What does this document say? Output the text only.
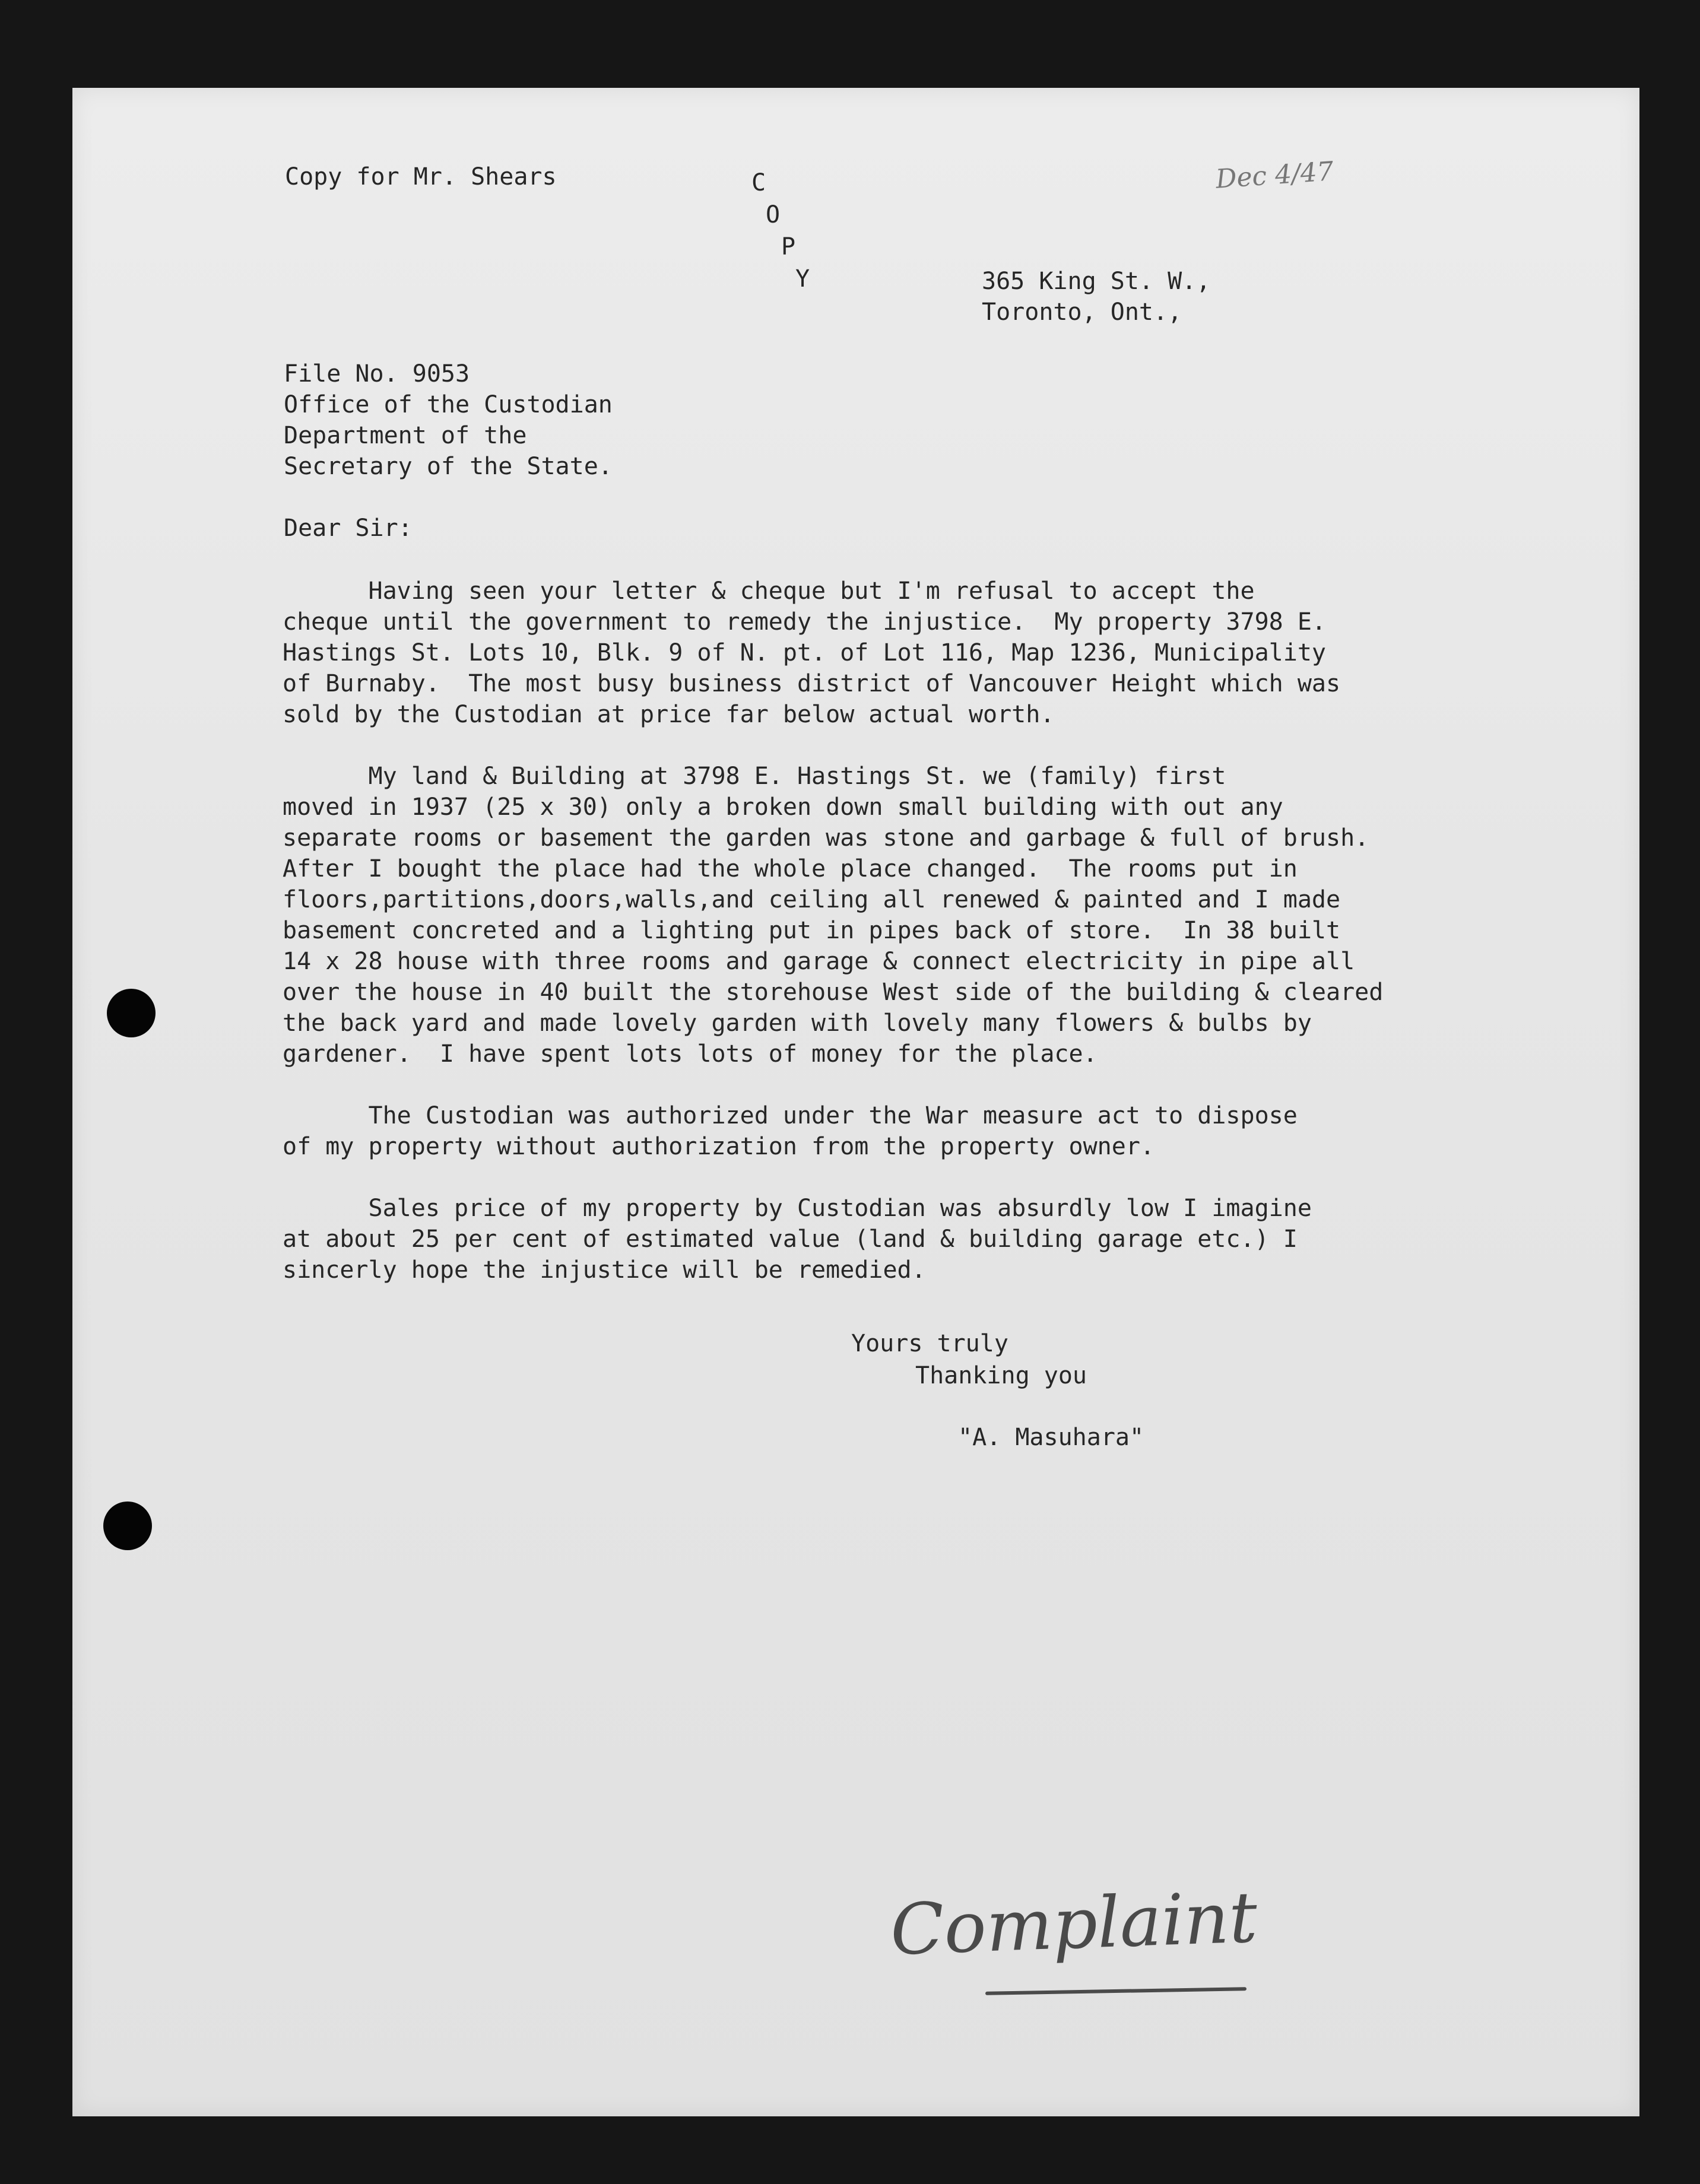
Copy for Mr. Shears	C

O

P

Y

Dec 4/47

365 King St. W.,

Toronto, Ont.,

File No. 9053

Office of the Custodian

Department of the

Secretary of the State.

Dear Sir:

Having seen your letter & cheque but I'm refusal to accept the

cheque until the government to remedy the injustice.  My property 3798 E.

Hastings St. Lots 10, Blk. 9 of N. pt. of Lot 116, Map 1236, Municipality

of Burnaby.  The most busy business district of Vancouver Height which was

sold by the Custodian at price far below actual worth.

My land & Building at 3798 E. Hastings St. we (family) first

moved in 1937 (25 x 30) only a broken down small building with out any

separate rooms or basement the garden was stone and garbage & full of brush.

After I bought the place had the whole place changed.  The rooms put in

floors,partitions,doors,walls,and ceiling all renewed & painted and I made

basement concreted and a lighting put in pipes back of store.  In 38 built

14 x 28 house with three rooms and garage & connect electricity in pipe all

over the house in 40 built the storehouse West side of the building & cleared

the back yard and made lovely garden with lovely many flowers & bulbs by

gardener.  I have spent lots lots of money for the place.

The Custodian was authorized under the War measure act to dispose

of my property without authorization from the property owner.

Sales price of my property by Custodian was absurdly low I imagine

at about 25 per cent of estimated value (land & building garage etc.) I

sincerly hope the injustice will be remedied.

Yours truly

Thanking you

"A. Masuhara"

Complaint
